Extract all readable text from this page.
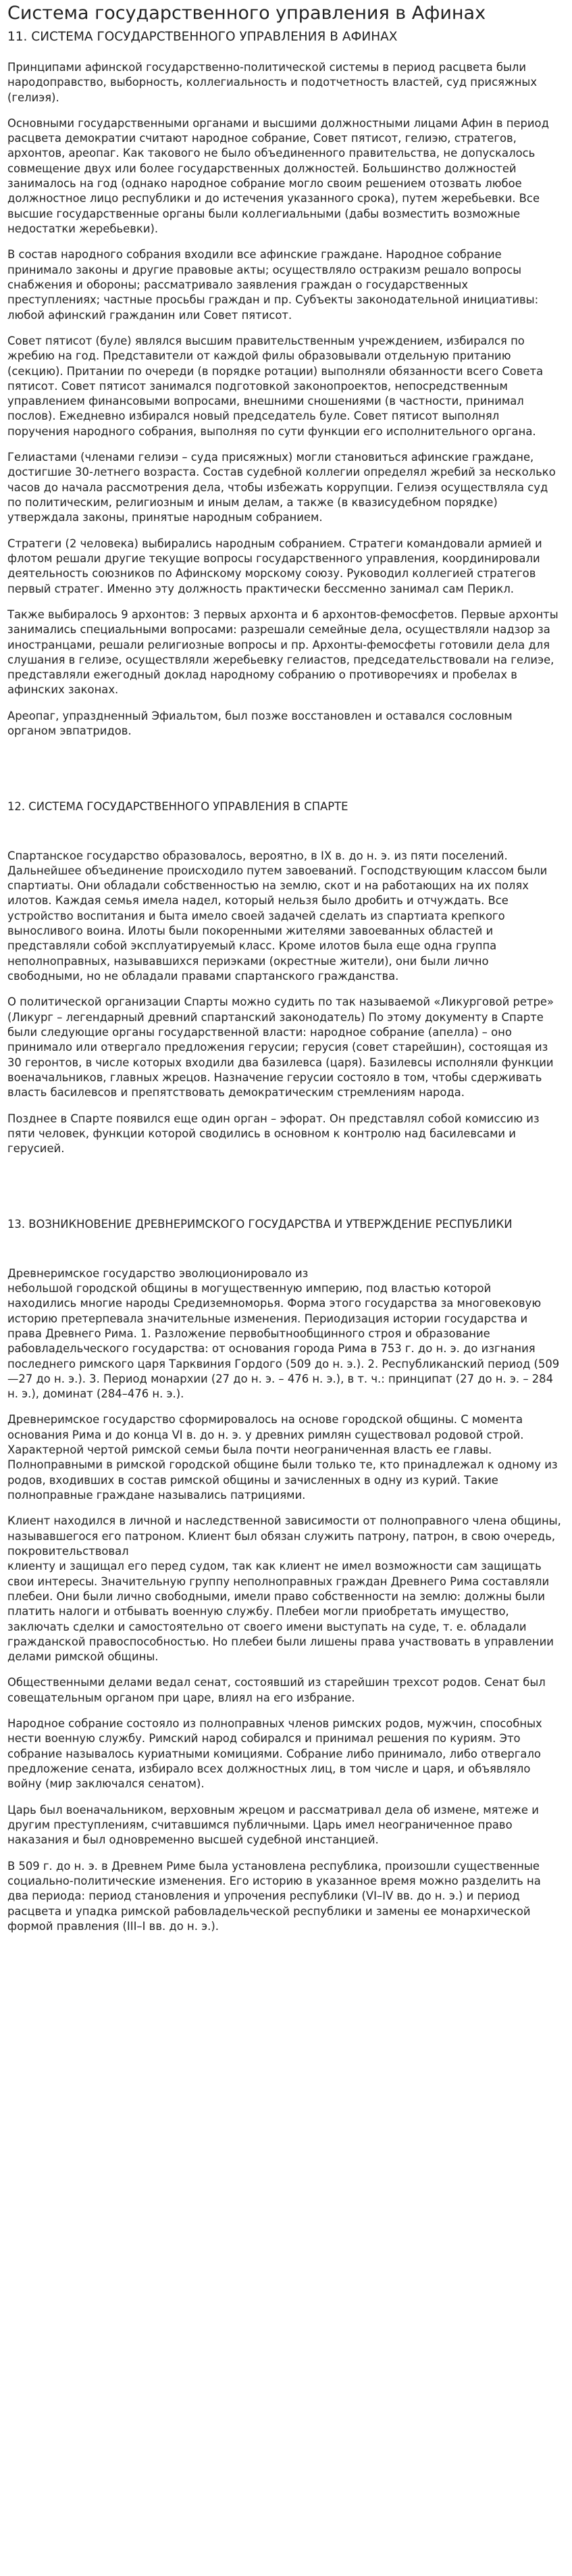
Система государственного управления в Афинах
11. СИСТЕМА ГОСУДАРСТВЕННОГО УПРАВЛЕНИЯ В АФИНАХ

Принципами афинской государственно-политической системы в период расцвета были народоправство, выборность, коллегиальность и подотчетность властей, суд присяжных (гелиэя).

Основными государственными органами и высшими должностными лицами Афин в период расцвета демократии считают народное собрание, Совет пятисот, гелиэю, стратегов, архонтов, ареопаг. Как такового не было объединенного правительства, не допускалось совмещение двух или более государственных должностей. Большинство должностей занималось на год (однако народное собрание могло своим решением отозвать любое должностное лицо республики и до истечения указанного срока), путем жеребьевки. Все высшие государственные органы были коллегиальными (дабы возместить возможные недостатки жеребьевки).

В состав народного собрания входили все афинские граждане. Народное собрание принимало законы и другие правовые акты; осуществляло остракизм решало вопросы снабжения и обороны; рассматривало заявления граждан о государственных преступлениях; частные просьбы граждан и пр. Субъекты законодательной инициативы: любой афинский гражданин или Совет пятисот.

Совет пятисот (буле) являлся высшим правительственным учреждением, избирался по жребию на год. Представители от каждой филы образовывали отдельную пританию (секцию). Притании по очереди (в порядке ротации) выполняли обязанности всего Совета пятисот. Совет пятисот занимался подготовкой законопроектов, непосредственным управлением финансовыми вопросами, внешними сношениями (в частности, принимал послов). Ежедневно избирался новый председатель буле. Совет пятисот выполнял поручения народного собрания, выполняя по сути функции его исполнительного органа.

Гелиастами (членами гелиэи – суда присяжных) могли становиться афинские граждане, достигшие 30-летнего возраста. Состав судебной коллегии определял жребий за несколько часов до начала рассмотрения дела, чтобы избежать коррупции. Гелиэя осуществляла суд по политическим, религиозным и иным делам, а также (в квазисудебном порядке) утверждала законы, принятые народным собранием.

Стратеги (2 человека) выбирались народным собранием. Стратеги командовали армией и флотом решали другие текущие вопросы государственного управления, координировали деятельность союзников по Афинскому морскому союзу. Руководил коллегией стратегов первый стратег. Именно эту должность практически бессменно занимал сам Перикл.

Также выбиралось 9 архонтов: 3 первых архонта и 6 архонтов-фемосфетов. Первые архонты занимались специальными вопросами: разрешали семейные дела, осуществляли надзор за иностранцами, решали религиозные вопросы и пр. Архонты-фемосфеты готовили дела для слушания в гелиэе, осуществляли жеребьевку гелиастов, председательствовали на гелиэе, представляли ежегодный доклад народному собранию о противоречиях и пробелах в афинских законах.

Ареопаг, упраздненный Эфиальтом, был позже восстановлен и оставался сословным органом эвпатридов.

12. СИСТЕМА ГОСУДАРСТВЕННОГО УПРАВЛЕНИЯ В СПАРТЕ

Спартанское государство образовалось, вероятно, в IX в. до н. э. из пяти поселений. Дальнейшее объединение происходило путем завоеваний. Господствующим классом были спартиаты. Они обладали собственностью на землю, скот и на работающих на их полях илотов. Каждая семья имела надел, который нельзя было дробить и отчуждать. Все устройство воспитания и быта имело своей задачей сделать из спартиата крепкого выносливого воина. Илоты были покоренными жителями завоеванных областей и представляли собой эксплуатируемый класс. Кроме илотов была еще одна группа неполноправных, называвшихся периэками (окрестные жители), они были лично свободными, но не обладали правами спартанского гражданства.

О политической организации Спарты можно судить по так называемой «Ликурговой ретре» (Ликург – легендарный древний спартанский законодатель) По этому документу в Спарте были следующие органы государственной власти: народное собрание (апелла) – оно принимало или отвергало предложения герусии; герусия (совет старейшин), состоящая из 30 геронтов, в числе которых входили два базилевса (царя). Базилевсы исполняли функции военачальников, главных жрецов. Назначение герусии состояло в том, чтобы сдерживать власть басилевсов и препятствовать демократическим стремлениям народа.

Позднее в Спарте появился еще один орган – эфорат. Он представлял собой комиссию из пяти человек, функции которой сводились в основном к контролю над басилевсами и герусией.

13. ВОЗНИКНОВЕНИЕ ДРЕВНЕРИМСКОГО ГОСУДАРСТВА И УТВЕРЖДЕНИЕ РЕСПУБЛИКИ

Древнеримское государство эволюционировало из
небольшой городской общины в могущественную империю, под властью которой находились многие народы Средиземноморья. Форма этого государства за многовековую историю претерпевала значительные изменения. Периодизация истории государства и права Древнего Рима. 1. Разложение первобытнообщинного строя и образование рабовладельческого государства: от основания города Рима в 753 г. до н. э. до изгнания последнего римского царя Тарквиния Гордого (509 до н. э.). 2. Республиканский период (509—27 до н. э.). 3. Период монархии (27 до н. э. – 476 н. э.), в т. ч.: принципат (27 до н. э. – 284 н. э.), доминат (284–476 н. э.).

Древнеримское государство сформировалось на основе городской общины. С момента основания Рима и до конца VI в. до н. э. у древних римлян существовал родовой строй. Характерной чертой римской семьи была почти неограниченная власть ее главы. Полноправными в римской городской общине были только те, кто принадлежал к одному из родов, входивших в состав римской общины и зачисленных в одну из курий. Такие полноправные граждане назывались патрициями.

Клиент находился в личной и наследственной зависимости от полноправного члена общины, называвшегося его патроном. Клиент был обязан служить патрону, патрон, в свою очередь, покровительствовал
клиенту и защищал его перед судом, так как клиент не имел возможности сам защищать свои интересы. Значительную группу неполноправных граждан Древнего Рима составляли плебеи. Они были лично свободными, имели право собственности на землю: должны были платить налоги и отбывать военную службу. Плебеи могли приобретать имущество, заключать сделки и самостоятельно от своего имени выступать на суде, т. е. обладали гражданской правоспособностью. Но плебеи были лишены права участвовать в управлении делами римской общины.

Общественными делами ведал сенат, состоявший из старейшин трехсот родов. Сенат был совещательным органом при царе, влиял на его избрание.

Народное собрание состояло из полноправных членов римских родов, мужчин, способных нести военную службу. Римский народ собирался и принимал решения по куриям. Это собрание называлось куриатными комициями. Собрание либо принимало, либо отвергало предложение сената, избирало всех должностных лиц, в том числе и царя, и объявляло войну (мир заключался сенатом).

Царь был военачальником, верховным жрецом и рассматривал дела об измене, мятеже и другим преступлениям, считавшимся публичными. Царь имел неограниченное право наказания и был одновременно высшей судебной инстанцией.

В 509 г. до н. э. в Древнем Риме была установлена республика, произошли существенные социально-политические изменения. Его историю в указанное время можно разделить на два периода: период становления и упрочения республики (VI–IV вв. до н. э.) и период расцвета и упадка римской рабовладельческой республики и замены ее монархической формой правления (III–I вв. до н. э.).
